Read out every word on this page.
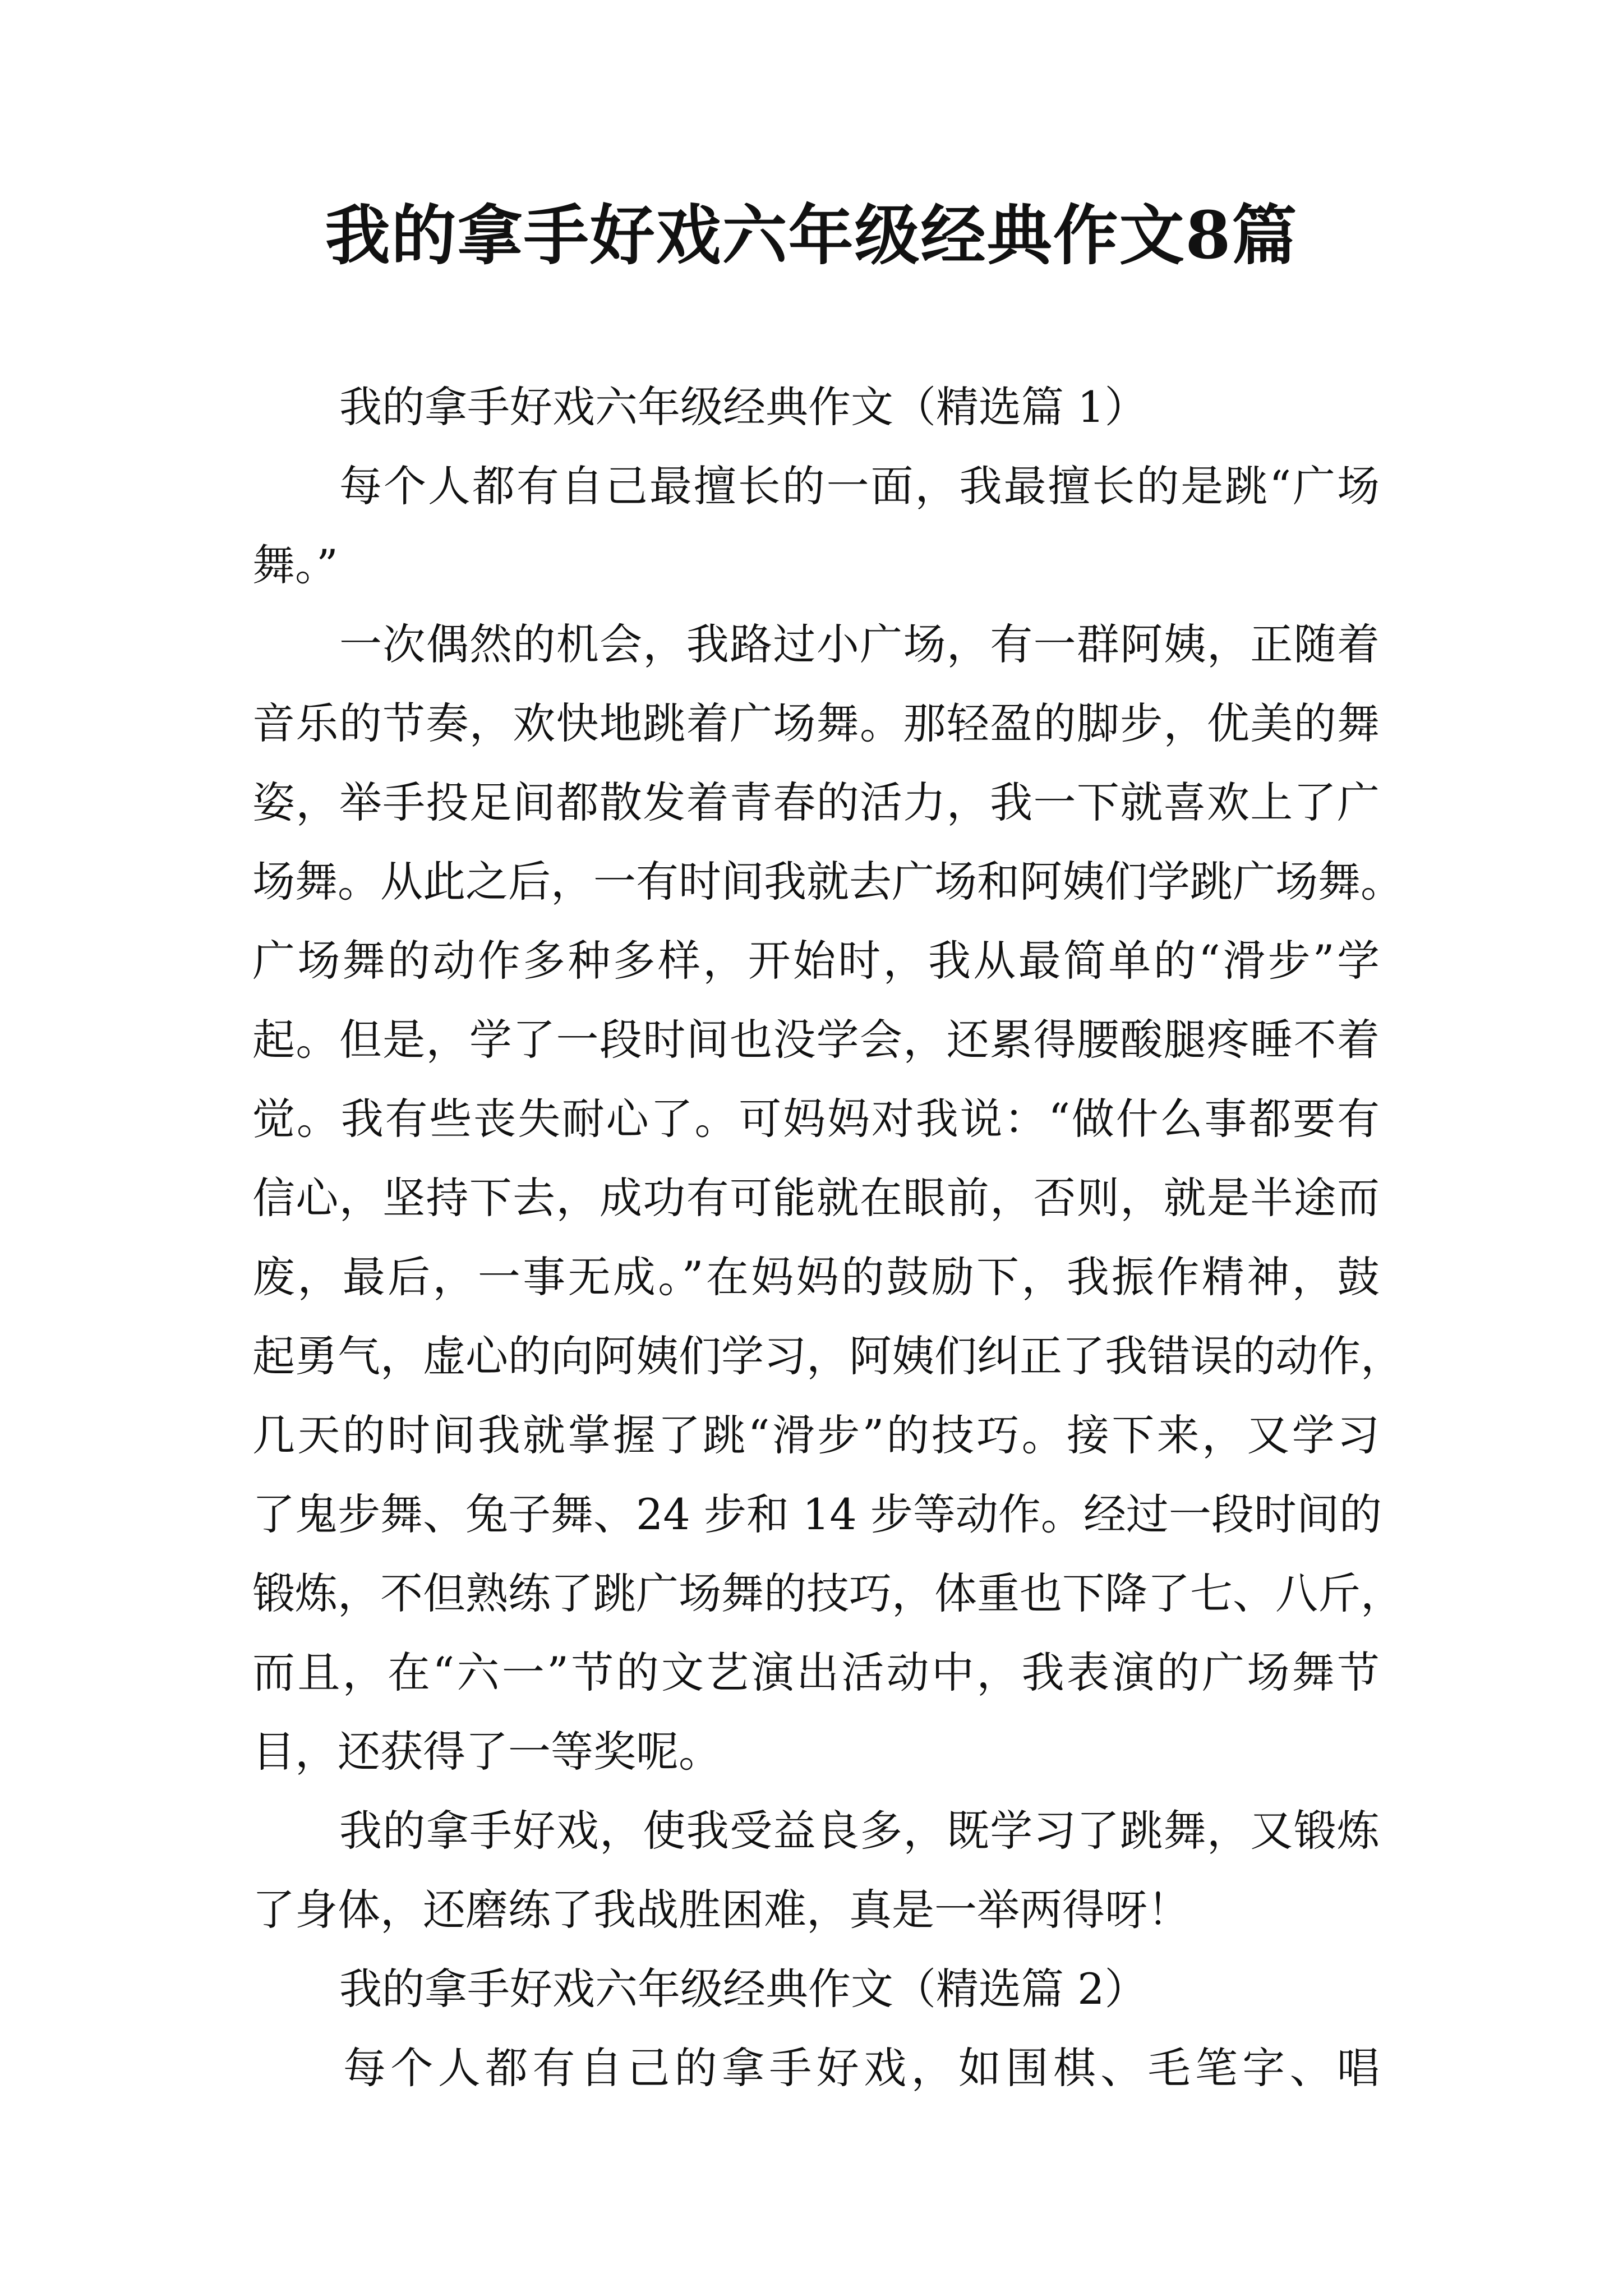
我的拿手好戏六年级经典作文8篇
我的拿手好戏六年级经典作文（精选篇 1）
每个人都有自己最擅长的一面，我最擅长的是跳“广场
舞。”
一次偶然的机会，我路过小广场，有一群阿姨，正随着
音乐的节奏，欢快地跳着广场舞。那轻盈的脚步，优美的舞
姿，举手投足间都散发着青春的活力，我一下就喜欢上了广
场舞。从此之后，一有时间我就去广场和阿姨们学跳广场舞。
广场舞的动作多种多样，开始时，我从最简单的“滑步”学
起。但是，学了一段时间也没学会，还累得腰酸腿疼睡不着
觉。我有些丧失耐心了。可妈妈对我说：“做什么事都要有
信心，坚持下去，成功有可能就在眼前，否则，就是半途而
废，最后，一事无成。”在妈妈的鼓励下，我振作精神，鼓
起勇气，虚心的向阿姨们学习，阿姨们纠正了我错误的动作，
几天的时间我就掌握了跳“滑步”的技巧。接下来，又学习
了鬼步舞、兔子舞、24 步和 14 步等动作。经过一段时间的
锻炼，不但熟练了跳广场舞的技巧，体重也下降了七、八斤，
而且，在“六一”节的文艺演出活动中，我表演的广场舞节
目，还获得了一等奖呢。
我的拿手好戏，使我受益良多，既学习了跳舞，又锻炼
了身体，还磨练了我战胜困难，真是一举两得呀！
我的拿手好戏六年级经典作文（精选篇 2）
每个人都有自己的拿手好戏，如围棋、毛笔字、唱
